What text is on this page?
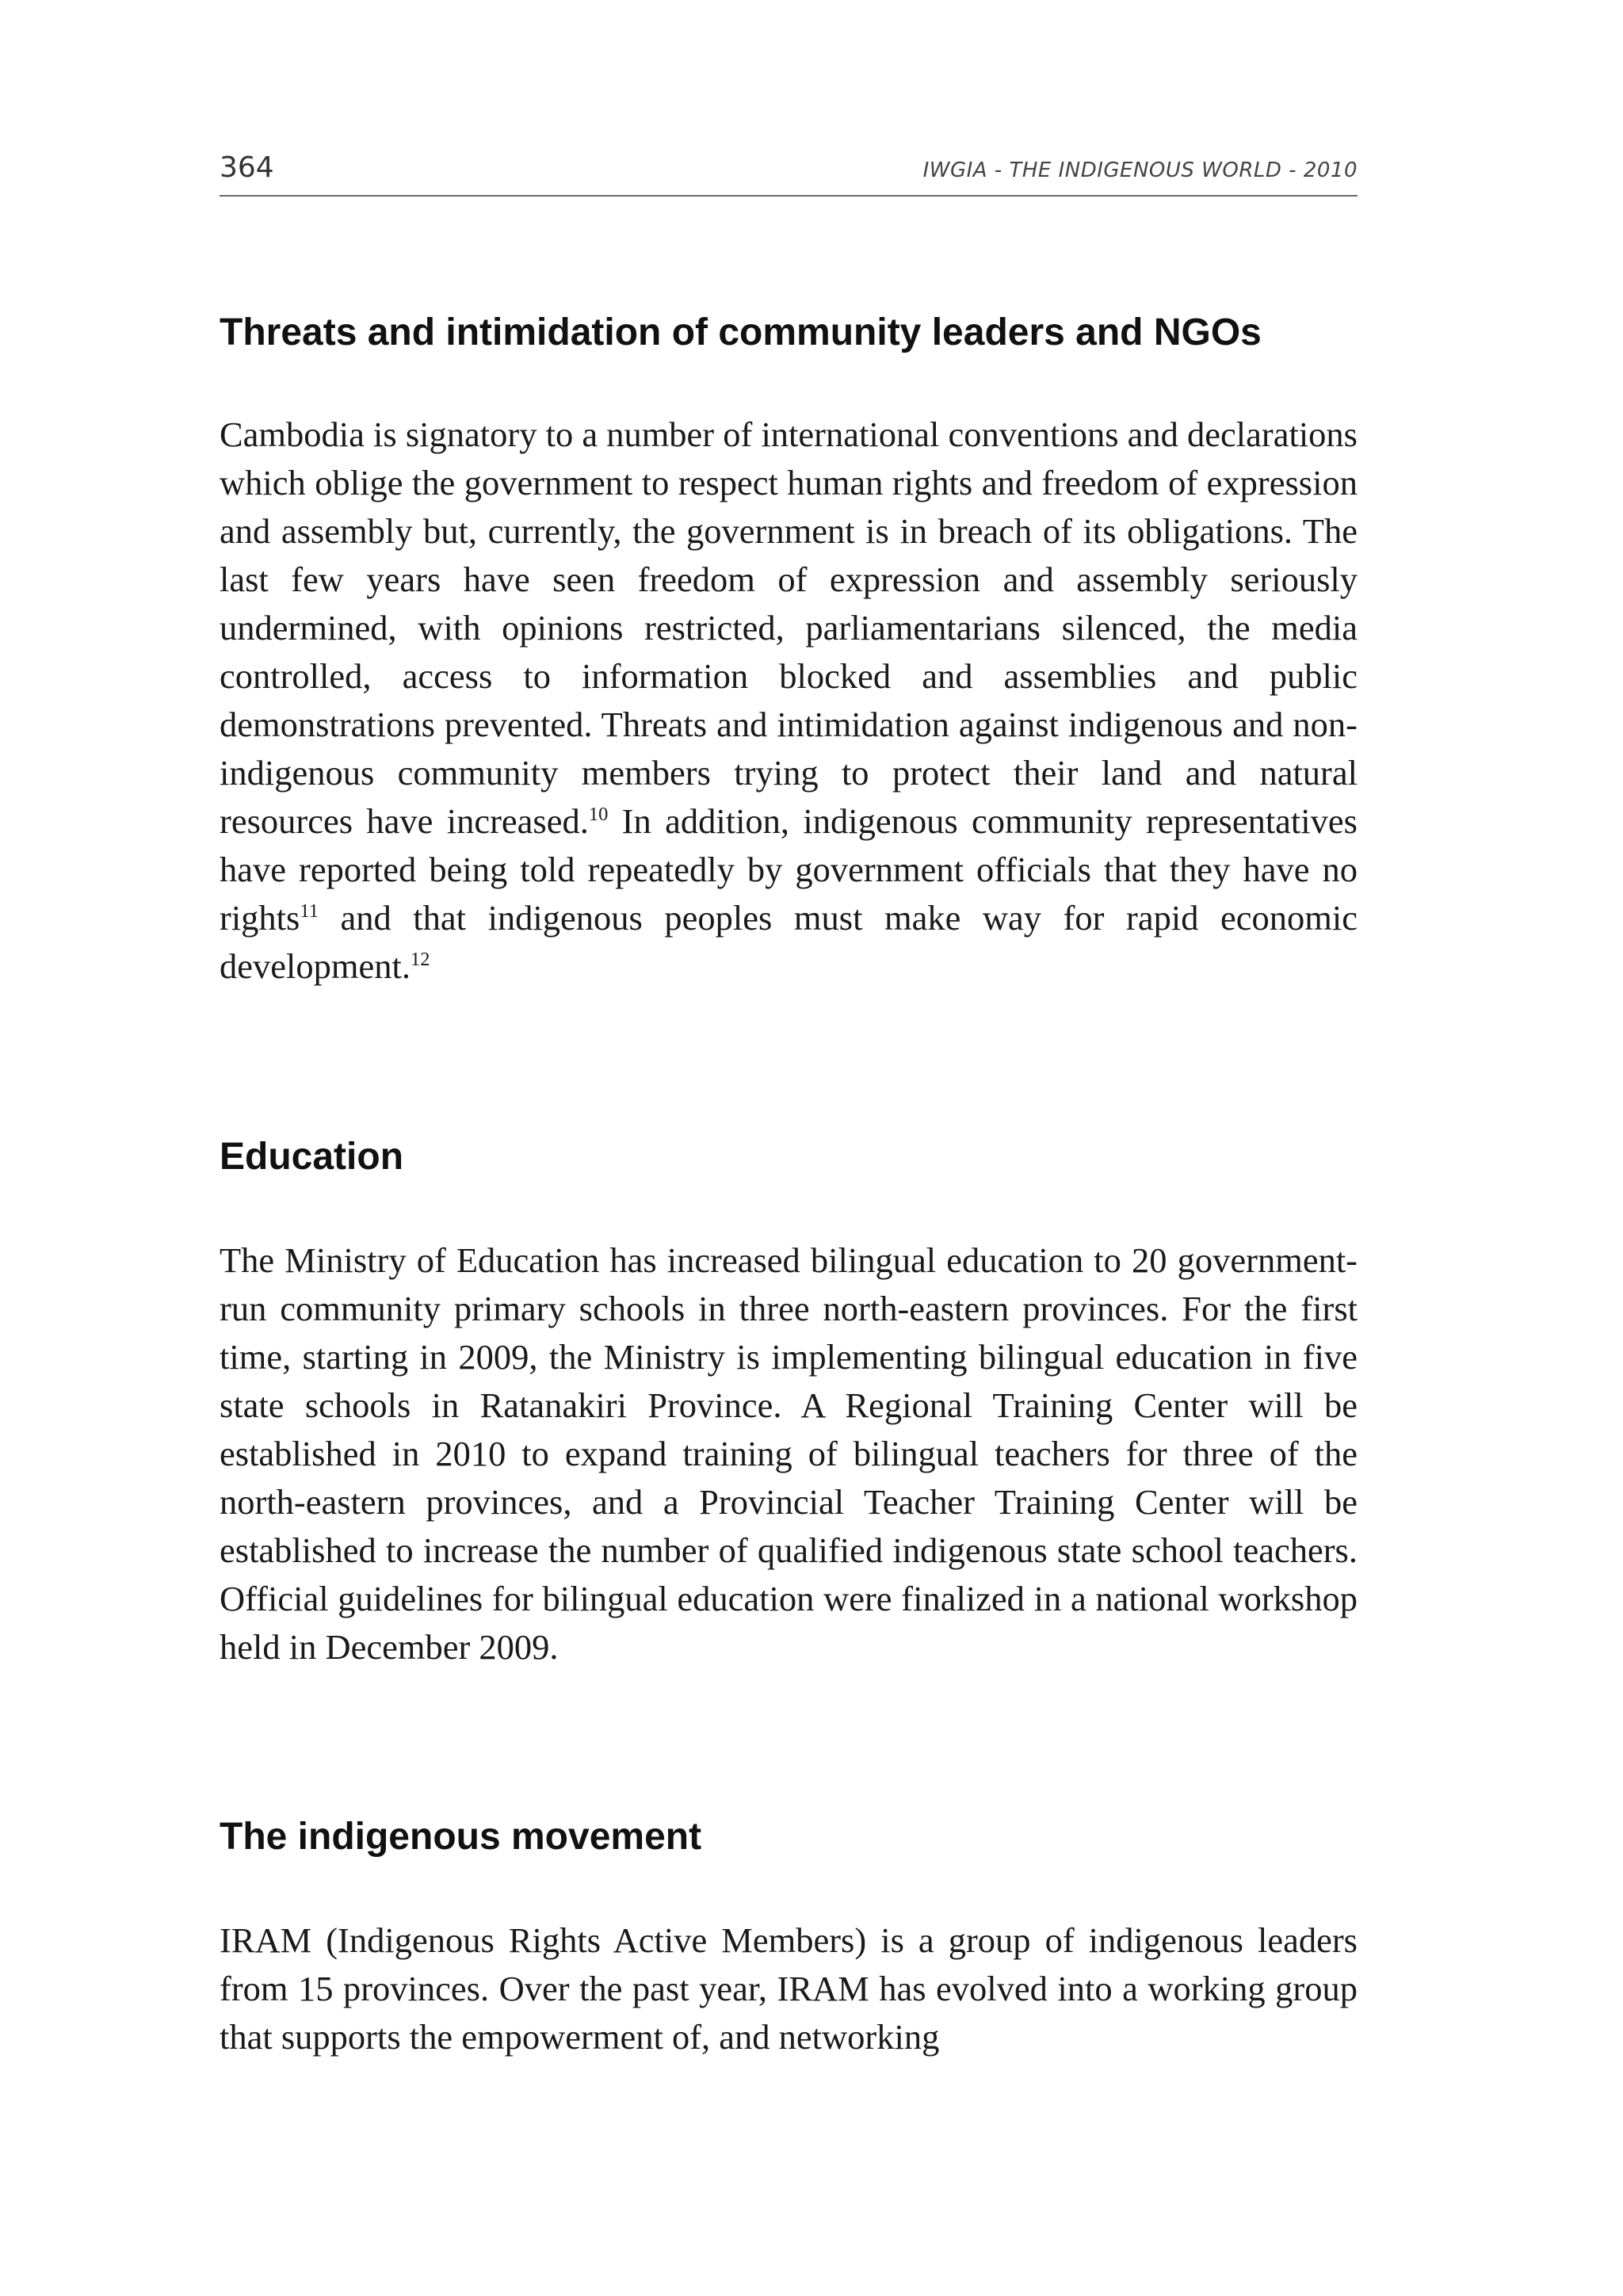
364	IWGIA - THE INDIGENOUS WORLD - 2010
Threats and intimidation of community leaders and NGOs

Cambodia is signatory to a number of international conventions and declarations which oblige the government to respect human rights and freedom of expression and assembly but, currently, the government is in breach of its obligations. The last few years have seen freedom of expression and assembly seriously undermined, with opinions restricted, parliamentarians silenced, the media controlled, access to information blocked and assemblies and public demonstrations prevented. Threats and intimidation against indigenous and non-indigenous community members trying to protect their land and natural resources have increased.$^{10}$ In addition, indigenous community representatives have reported being told repeatedly by government officials that they have no rights$^{11}$ and that indigenous peoples must make way for rapid economic development.$^{12}$

Education

The Ministry of Education has increased bilingual education to 20 government-run community primary schools in three north-eastern provinces. For the first time, starting in 2009, the Ministry is implementing bilingual education in five state schools in Ratanakiri Province. A Regional Training Center will be established in 2010 to expand training of bilingual teachers for three of the north-eastern provinces, and a Provincial Teacher Training Center will be established to increase the number of qualified indigenous state school teachers. Official guidelines for bilingual education were finalized in a national workshop held in December 2009.

The indigenous movement

IRAM (Indigenous Rights Active Members) is a group of indigenous leaders from 15 provinces. Over the past year, IRAM has evolved into a working group that supports the empowerment of, and networking
